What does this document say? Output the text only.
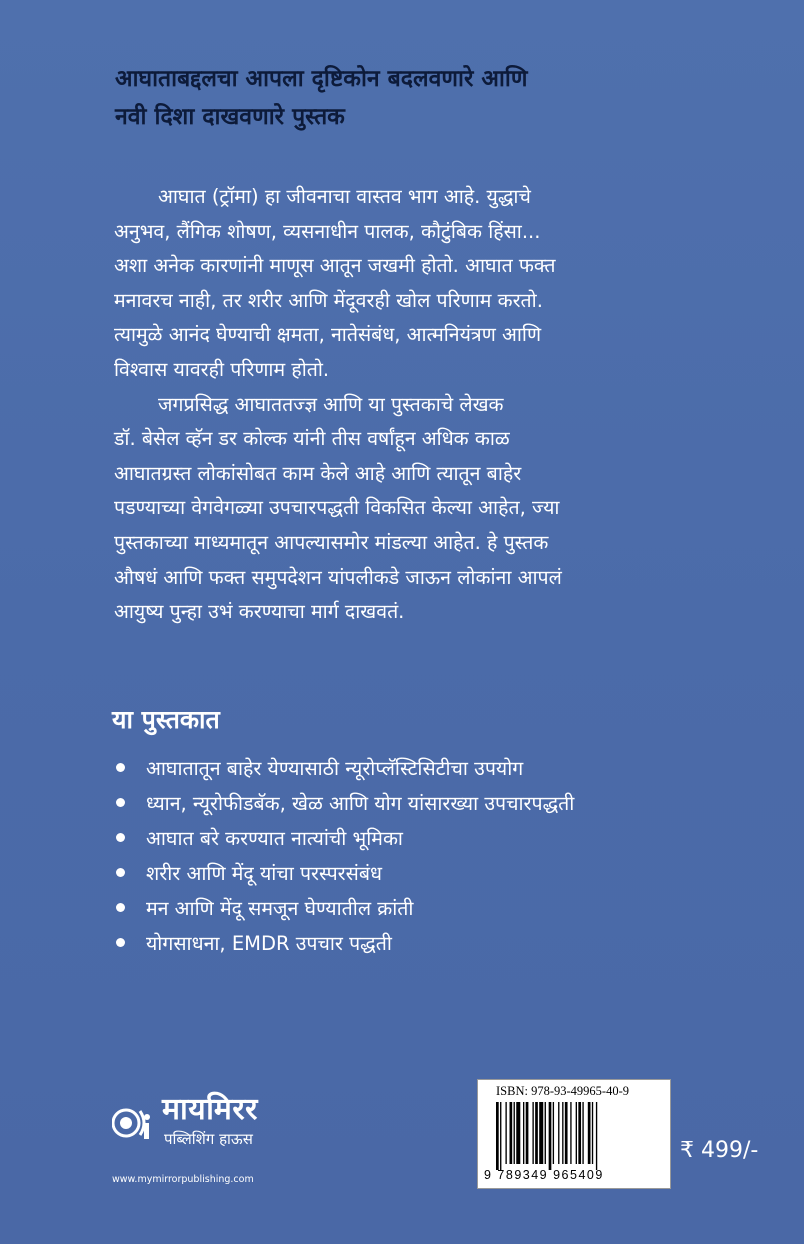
आघाताबद्दलचा आपला दृष्टिकोन बदलवणारे आणि
नवी दिशा दाखवणारे पुस्तक
आघात (ट्रॉमा) हा जीवनाचा वास्तव भाग आहे. युद्धाचे
अनुभव, लैंगिक शोषण, व्यसनाधीन पालक, कौटुंबिक हिंसा...
अशा अनेक कारणांनी माणूस आतून जखमी होतो. आघात फक्त
मनावरच नाही, तर शरीर आणि मेंदूवरही खोल परिणाम करतो.
त्यामुळे आनंद घेण्याची क्षमता, नातेसंबंध, आत्मनियंत्रण आणि
विश्वास यावरही परिणाम होतो.
जगप्रसिद्ध आघाततज्ज्ञ आणि या पुस्तकाचे लेखक
डॉ. बेसेल व्हॅन डर कोल्क यांनी तीस वर्षांहून अधिक काळ
आघातग्रस्त लोकांसोबत काम केले आहे आणि त्यातून बाहेर
पडण्याच्या वेगवेगळ्या उपचारपद्धती विकसित केल्या आहेत, ज्या
पुस्तकाच्या माध्यमातून आपल्यासमोर मांडल्या आहेत. हे पुस्तक
औषधं आणि फक्त समुपदेशन यांपलीकडे जाऊन लोकांना आपलं
आयुष्य पुन्हा उभं करण्याचा मार्ग दाखवतं.
या पुस्तकात
आघातातून बाहेर येण्यासाठी न्यूरोप्लॅस्टिसिटीचा उपयोग
ध्यान, न्यूरोफीडबॅक, खेळ आणि योग यांसारख्या उपचारपद्धती
आघात बरे करण्यात नात्यांची भूमिका
शरीर आणि मेंदू यांचा परस्परसंबंध
मन आणि मेंदू समजून घेण्यातील क्रांती
योगसाधना, EMDR उपचार पद्धती
मायमिरर
पब्लिशिंग हाऊस
www.mymirrorpublishing.com
ISBN: 978-93-49965-40-9
9 789349 965409
₹ 499/-
